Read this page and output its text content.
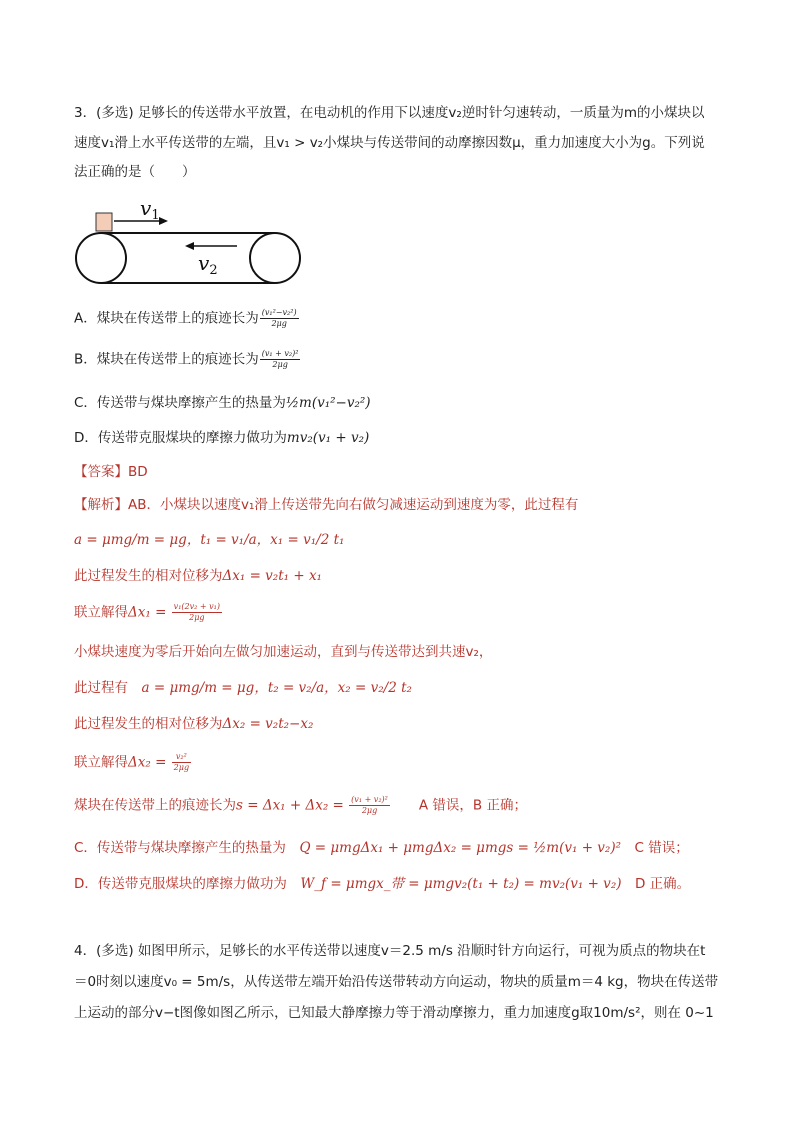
3．(多选) 足够长的传送带水平放置，在电动机的作用下以速度v₂逆时针匀速转动，一质量为m的小煤块以
速度v₁滑上水平传送带的左端，且v₁ > v₂小煤块与传送带间的动摩擦因数μ，重力加速度大小为g。下列说
法正确的是（　　）
$v_1$
$v_2$
A．煤块在传送带上的痕迹长为 $\frac{\text{(v₁²−v₂²)}}{2\mu g}$
B．煤块在传送带上的痕迹长为 $\frac{\text{(v₁ + v₂)²}}{2\mu g}$
C．传送带与煤块摩擦产生的热量为½m(v₁²−v₂²)
D．传送带克服煤块的摩擦力做功为mv₂(v₁ + v₂)
【答案】BD
【解析】AB．小煤块以速度v₁滑上传送带先向右做匀减速运动到速度为零，此过程有
a = μmg/m = μg，t₁ = v₁/a，x₁ = v₁/2 t₁
此过程发生的相对位移为Δx₁ = v₂t₁ + x₁
联立解得$\Delta x_1 = \frac{\text{v₁(2v₂ + v₁)}}{2\mu g}$
小煤块速度为零后开始向左做匀加速运动，直到与传送带达到共速v₂，
此过程有　 a = μmg/m = μg，t₂ = v₂/a，x₂ = v₂/2 t₂
此过程发生的相对位移为Δx₂ = v₂t₂−x₂
联立解得$\Delta x_2 = \frac{\text{v₂²}}{2\mu g}$
煤块在传送带上的痕迹长为$s = \Delta x_1 + \Delta x_2 = \frac{\text{(v₁ + v₂)²}}{2\mu g}$ A 错误，B 正确；
C．传送带与煤块摩擦产生的热量为　 Q = μmgΔx₁ + μmgΔx₂ = μmgs = ½m(v₁ + v₂)²　 C 错误；
D．传送带克服煤块的摩擦力做功为　 W_f = μmgx_带 = μmgv₂(t₁ + t₂) = mv₂(v₁ + v₂)　 D 正确。
4．(多选) 如图甲所示，足够长的水平传送带以速度v＝2.5 m/s 沿顺时针方向运行，可视为质点的物块在t
＝0时刻以速度v₀ = 5m/s，从传送带左端开始沿传送带转动方向运动，物块的质量m＝4 kg，物块在传送带
上运动的部分v−t图像如图乙所示，已知最大静摩擦力等于滑动摩擦力，重力加速度g取10m/s²，则在 0~1
